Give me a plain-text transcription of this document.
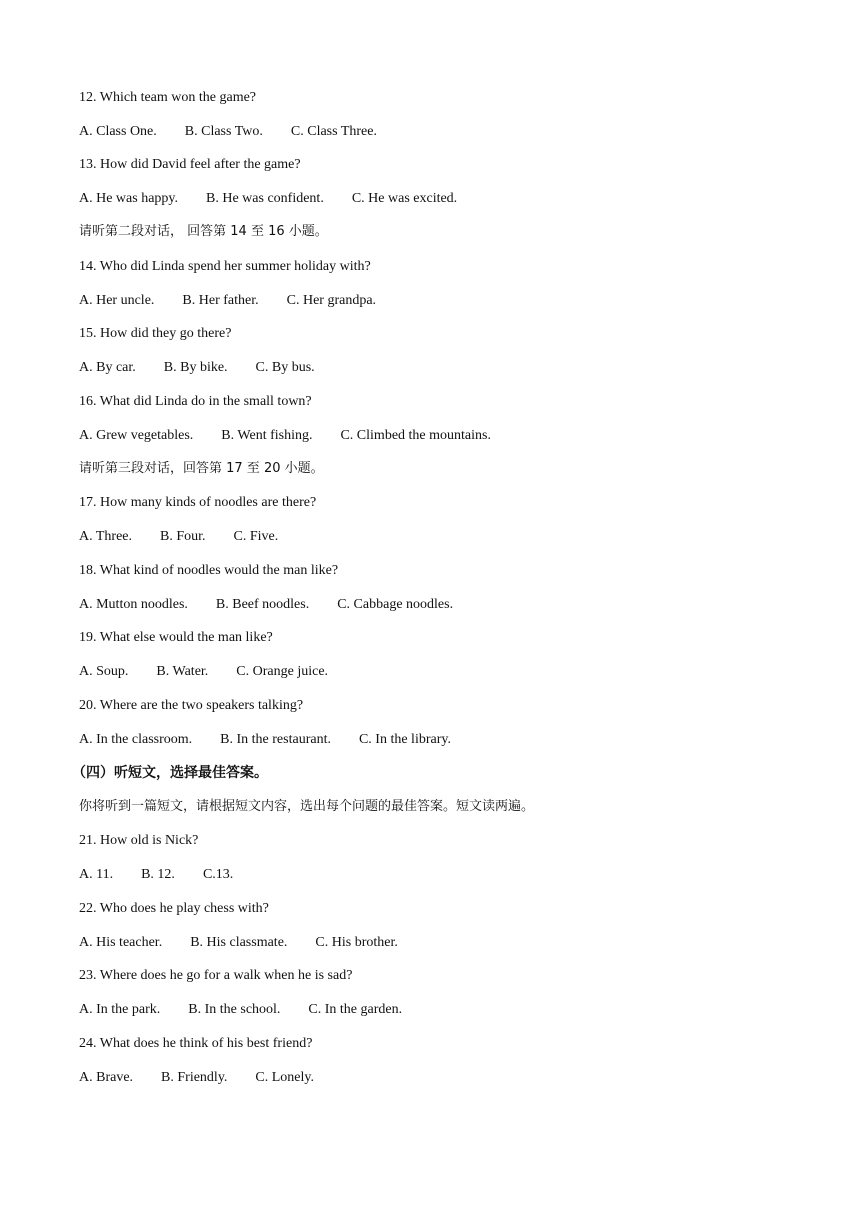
12. Which team won the game?
A. Class One. B. Class Two. C. Class Three.
13. How did David feel after the game?
A. He was happy. B. He was confident. C. He was excited.
请听第二段对话， 回答第 14 至 16 小题。
14. Who did Linda spend her summer holiday with?
A. Her uncle. B. Her father. C. Her grandpa.
15. How did they go there?
A. By car. B. By bike. C. By bus.
16. What did Linda do in the small town?
A. Grew vegetables. B. Went fishing. C. Climbed the mountains.
请听第三段对话，回答第 17 至 20 小题。
17. How many kinds of noodles are there?
A. Three. B. Four. C. Five.
18. What kind of noodles would the man like?
A. Mutton noodles. B. Beef noodles. C. Cabbage noodles.
19. What else would the man like?
A. Soup. B. Water. C. Orange juice.
20. Where are the two speakers talking?
A. In the classroom. B. In the restaurant. C. In the library.
（四）听短文，选择最佳答案。
你将听到一篇短文，请根据短文内容，选出每个问题的最佳答案。短文读两遍。
21. How old is Nick?
A. 11. B. 12. C.13.
22. Who does he play chess with?
A. His teacher. B. His classmate. C. His brother.
23. Where does he go for a walk when he is sad?
A. In the park. B. In the school. C. In the garden.
24. What does he think of his best friend?
A. Brave. B. Friendly. C. Lonely.
